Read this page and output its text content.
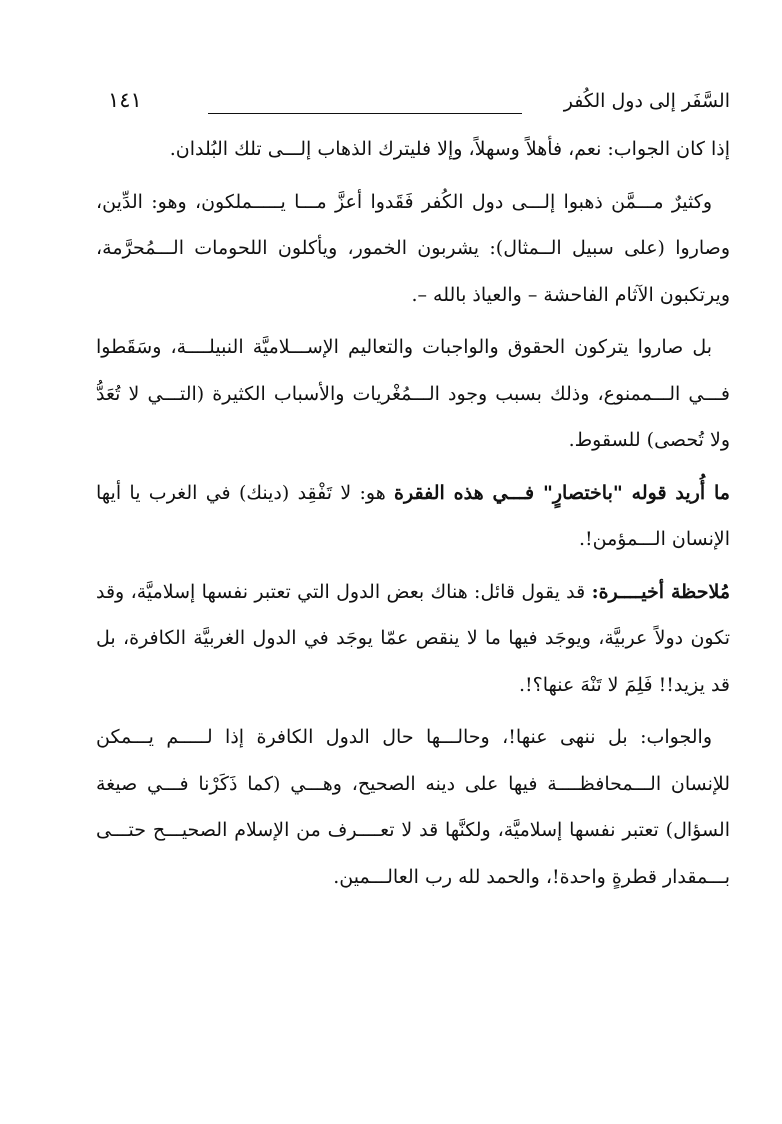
السَّفَر إلى دول الكُفر
١٤١

إذا كان الجواب: نعم، فأهلاً وسهلاً، وإلا فليترك الذهاب إلـــى تلك البُلدان.

وكثيرٌ مـــمَّن ذهبوا إلـــى دول الكُفر فَقَدوا أعزَّ مـــا يـــــملكون، وهو: الدِّين، وصاروا (على سبيل الــمثال): يشربون الخمور، ويأكلون اللحومات الـــمُحرَّمة، ويرتكبون الآثام الفاحشة – والعياذ بالله –.

بل صاروا يتركون الحقوق والواجبات والتعاليم الإســـلاميَّة النبيلــــة، وسَقَطوا فـــي الـــممنوع، وذلك بسبب وجود الـــمُغْريات والأسباب الكثيرة (التـــي لا تُعَدُّ ولا تُحصى) للسقوط.

ما أُريد قوله "باختصارٍ" فـــي هذه الفقرة هو: لا تَفْقِد (دينك) في الغرب يا أيها الإنسان الـــمؤمن!.

مُلاحظة أخيــــرة: قد يقول قائل: هناك بعض الدول التي تعتبر نفسها إسلاميَّة، وقد تكون دولاً عربيَّة، ويوجَد فيها ما لا ينقص عمّا يوجَد في الدول الغربيَّة الكافرة، بل قد يزيد!! فَلِمَ لا تَنْهَ عنها؟!.

والجواب: بل ننهى عنها!، وحالـــها حال الدول الكافرة إذا لـــــم يـــمكن للإنسان الـــمحافظــــة فيها على دينه الصحيح، وهـــي (كما ذَكَرْنا فـــي صيغة السؤال) تعتبر نفسها إسلاميَّة، ولكنَّها قد لا تعــــرف من الإسلام الصحيـــح حتـــى بـــمقدار قطرةٍ واحدة!، والحمد لله رب العالـــمين.
